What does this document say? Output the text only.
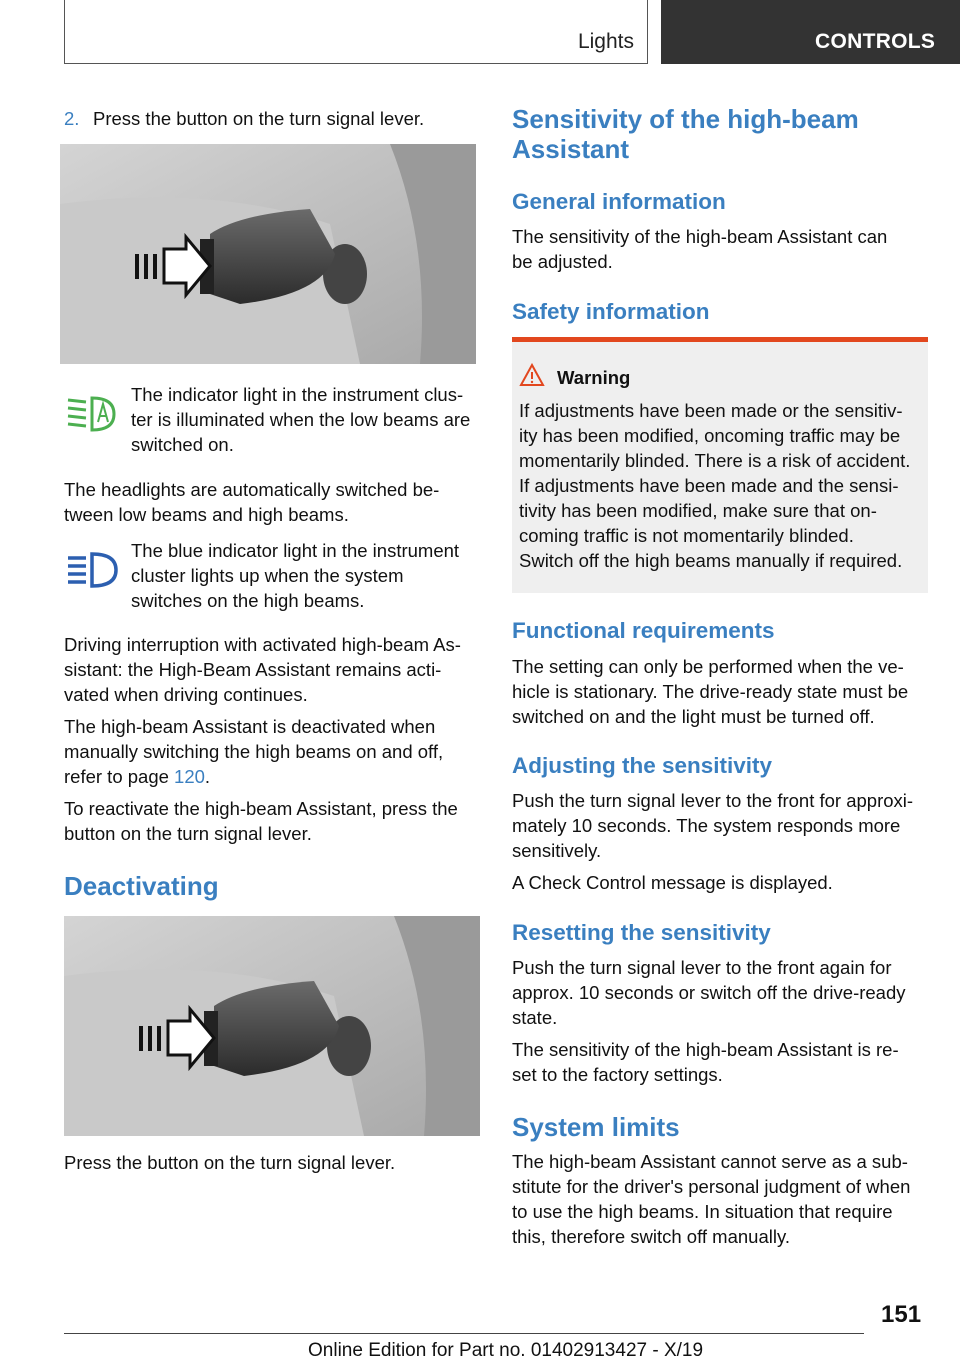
Lights	CONTROLS
2. Press the button on the turn signal lever.
The indicator light in the instrument clus-
ter is illuminated when the low beams are
switched on.
The headlights are automatically switched be-
tween low beams and high beams.
The blue indicator light in the instrument
cluster lights up when the system
switches on the high beams.
Driving interruption with activated high-beam As-
sistant: the High-Beam Assistant remains acti-
vated when driving continues.
The high-beam Assistant is deactivated when
manually switching the high beams on and off,
refer to page 120.
To reactivate the high-beam Assistant, press the
button on the turn signal lever.
Deactivating
Press the button on the turn signal lever.
Sensitivity of the high-beam
Assistant
General information
The sensitivity of the high-beam Assistant can
be adjusted.
Safety information
Warning
If adjustments have been made or the sensitiv-
ity has been modified, oncoming traffic may be
momentarily blinded. There is a risk of accident.
If adjustments have been made and the sensi-
tivity has been modified, make sure that on-
coming traffic is not momentarily blinded.
Switch off the high beams manually if required.
Functional requirements
The setting can only be performed when the ve-
hicle is stationary. The drive-ready state must be
switched on and the light must be turned off.
Adjusting the sensitivity
Push the turn signal lever to the front for approxi-
mately 10 seconds. The system responds more
sensitively.
A Check Control message is displayed.
Resetting the sensitivity
Push the turn signal lever to the front again for
approx. 10 seconds or switch off the drive-ready
state.
The sensitivity of the high-beam Assistant is re-
set to the factory settings.
System limits
The high-beam Assistant cannot serve as a sub-
stitute for the driver's personal judgment of when
to use the high beams. In situation that require
this, therefore switch off manually.
151
Online Edition for Part no. 01402913427 - X/19
